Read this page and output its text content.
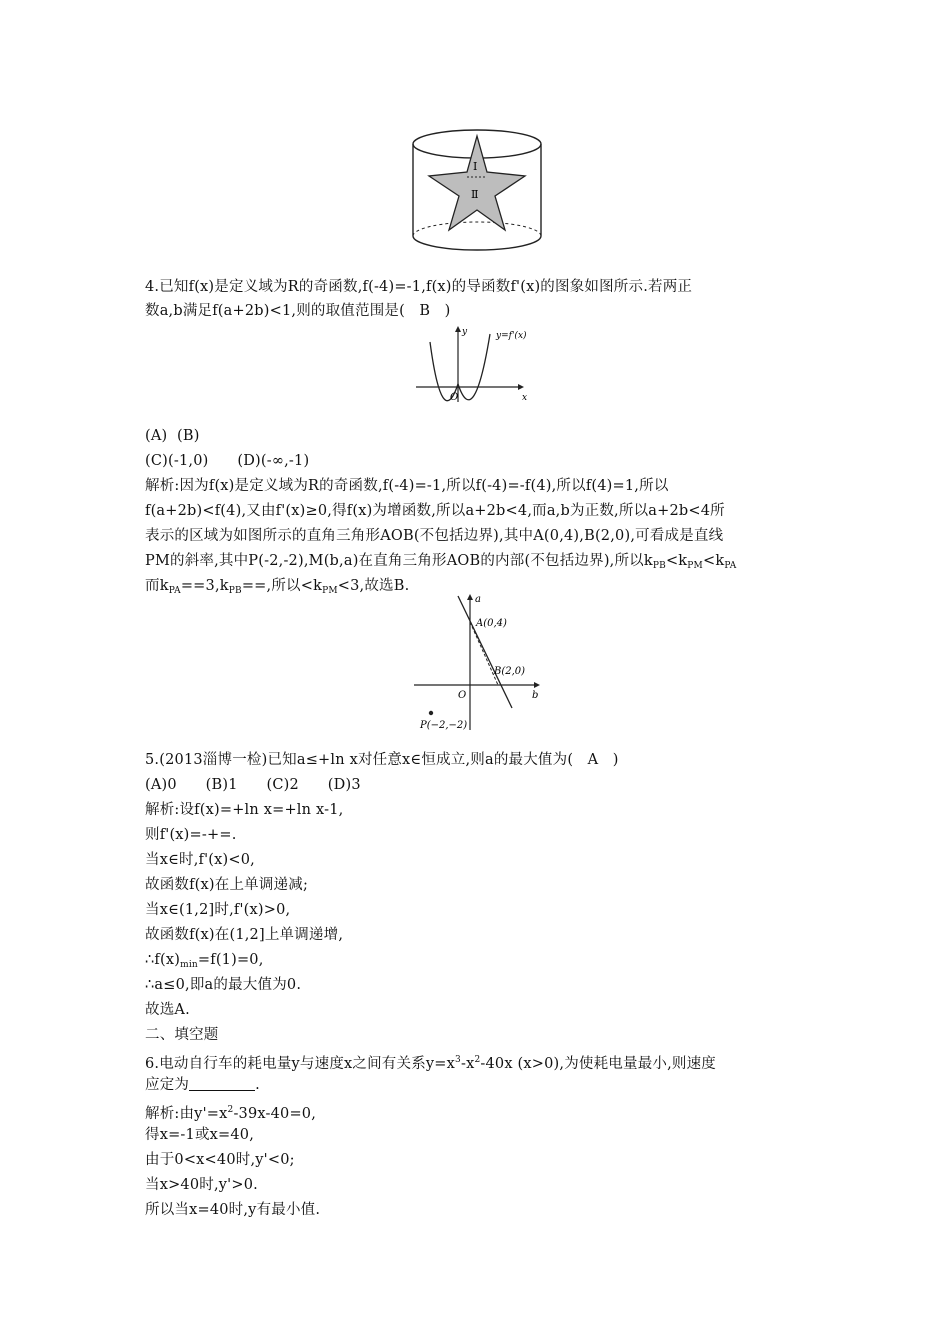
Ⅰ
Ⅱ
4.已知f(x)是定义域为R的奇函数,f(-4)=-1,f(x)的导函数f'(x)的图象如图所示.若两正
数a,b满足f(a+2b)<1,则的取值范围是(   B   )
y	y=f'(x)
O	x
(A)  (B)
(C)(-1,0)      (D)(-∞,-1)
解析:因为f(x)是定义域为R的奇函数,f(-4)=-1,所以f(-4)=-f(4),所以f(4)=1,所以
f(a+2b)<f(4),又由f'(x)≥0,得f(x)为增函数,所以a+2b<4,而a,b为正数,所以a+2b<4所
表示的区域为如图所示的直角三角形AOB(不包括边界),其中A(0,4),B(2,0),可看成是直线
PM的斜率,其中P(-2,-2),M(b,a)在直角三角形AOB的内部(不包括边界),所以$k_{PB}<k_{PM}<k_{PA}$
而$k_{PA}==3,k_{PB}==$,所以$<k_{PM}<3$,故选B.
a
A(0,4)
B(2,0)
O	b
P(−2,−2)
5.(2013淄博一检)已知a≤+ln x对任意x∈恒成立,则a的最大值为(   A   )
(A)0      (B)1      (C)2      (D)3
解析:设f(x)=+ln x=+ln x-1,
则f'(x)=-+=.
当x∈时,f'(x)<0,
故函数f(x)在上单调递减;
当x∈(1,2]时,f'(x)>0,
故函数f(x)在(1,2]上单调递增,
$\therefore f(x)_{min}=f(1)=0$,
∴a≤0,即a的最大值为0.
故选A.
二、填空题
6.电动自行车的耗电量y与速度x之间有关系$y=x^3-x^2-40x$ (x>0),为使耗电量最小,则速度
应定为	.
解析:由$y'=x^2-39x-40=0$,
得x=-1或x=40,
由于0<x<40时,y'<0;
当x>40时,y'>0.
所以当x=40时,y有最小值.
